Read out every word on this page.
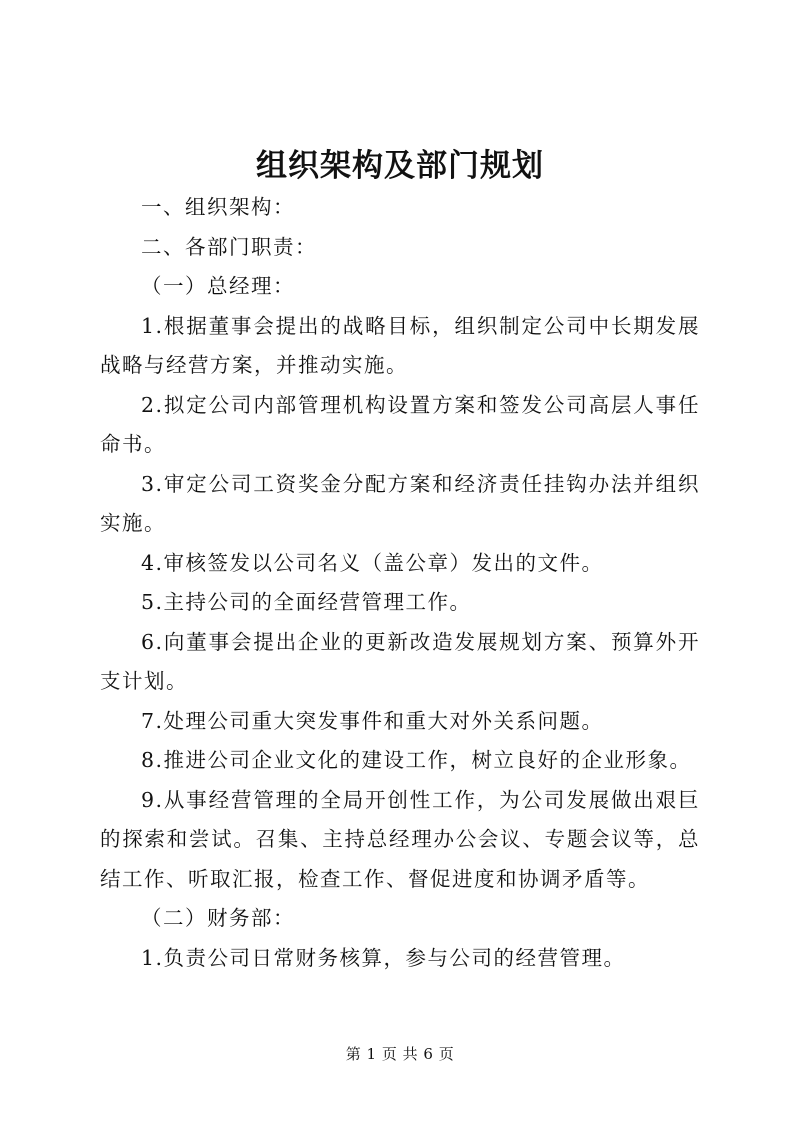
组织架构及部门规划

一、组织架构：

二、各部门职责：

（一）总经理：

1.根据董事会提出的战略目标，组织制定公司中长期发展战略与经营方案，并推动实施。

2.拟定公司内部管理机构设置方案和签发公司高层人事任命书。

3.审定公司工资奖金分配方案和经济责任挂钩办法并组织实施。

4.审核签发以公司名义（盖公章）发出的文件。

5.主持公司的全面经营管理工作。

6.向董事会提出企业的更新改造发展规划方案、预算外开支计划。

7.处理公司重大突发事件和重大对外关系问题。

8.推进公司企业文化的建设工作，树立良好的企业形象。

9.从事经营管理的全局开创性工作，为公司发展做出艰巨的探索和尝试。召集、主持总经理办公会议、专题会议等，总结工作、听取汇报，检查工作、督促进度和协调矛盾等。

（二）财务部：

1.负责公司日常财务核算，参与公司的经营管理。

第 1 页 共 6 页
